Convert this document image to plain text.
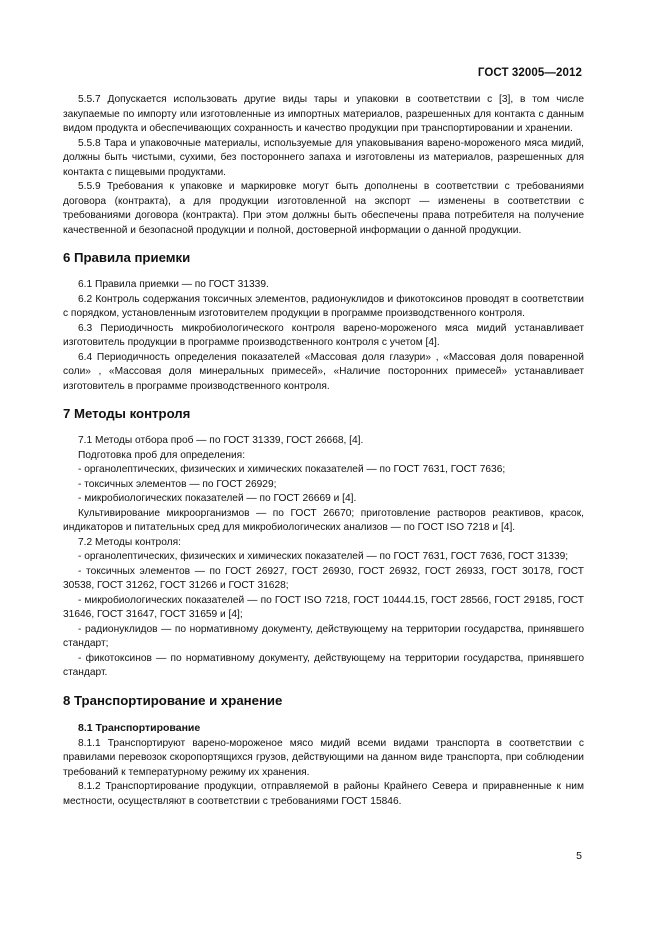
ГОСТ 32005—2012

5.5.7 Допускается использовать другие виды тары и упаковки в соответствии с [3], в том числе закупаемые по импорту или изготовленные из импортных материалов, разрешенных для контакта с данным видом продукта и обеспечивающих сохранность и качество продукции при транспортировании и хранении.

5.5.8 Тара и упаковочные материалы, используемые для упаковывания варено-мороженого мяса мидий, должны быть чистыми, сухими, без постороннего запаха и изготовлены из материалов, разрешенных для контакта с пищевыми продуктами.

5.5.9 Требования к упаковке и маркировке могут быть дополнены в соответствии с требованиями договора (контракта), а для продукции изготовленной на экспорт — изменены в соответствии с требованиями договора (контракта). При этом должны быть обеспечены права потребителя на получение качественной и безопасной продукции и полной, достоверной информации о данной продукции.

6 Правила приемки

6.1 Правила приемки — по ГОСТ 31339.

6.2 Контроль содержания токсичных элементов, радионуклидов и фикотоксинов проводят в соответствии с порядком, установленным изготовителем продукции в программе производственного контроля.

6.3 Периодичность микробиологического контроля варено-мороженого мяса мидий устанавливает изготовитель продукции в программе производственного контроля с учетом [4].

6.4 Периодичность определения показателей «Массовая доля глазури» , «Массовая доля поваренной соли» , «Массовая доля минеральных примесей», «Наличие посторонних примесей» устанавливает изготовитель в программе производственного контроля.

7 Методы контроля

7.1 Методы отбора проб — по ГОСТ 31339, ГОСТ 26668, [4].

Подготовка проб для определения:

- органолептических, физических и химических показателей — по ГОСТ 7631, ГОСТ 7636;

- токсичных элементов — по ГОСТ 26929;

- микробиологических показателей — по ГОСТ 26669 и [4].

Культивирование микроорганизмов — по ГОСТ 26670; приготовление растворов реактивов, красок, индикаторов и питательных сред для микробиологических анализов — по ГОСТ ISO 7218 и [4].

7.2 Методы контроля:

- органолептических, физических и химических показателей — по ГОСТ 7631, ГОСТ 7636, ГОСТ 31339;

- токсичных элементов — по ГОСТ 26927, ГОСТ 26930, ГОСТ 26932, ГОСТ 26933, ГОСТ 30178, ГОСТ 30538, ГОСТ 31262, ГОСТ 31266 и ГОСТ 31628;

- микробиологических показателей — по ГОСТ ISO 7218, ГОСТ 10444.15, ГОСТ 28566, ГОСТ 29185, ГОСТ 31646, ГОСТ 31647, ГОСТ 31659 и [4];

- радионуклидов — по нормативному документу, действующему на территории государства, принявшего стандарт;

- фикотоксинов — по нормативному документу, действующему на территории государства, принявшего стандарт.

8 Транспортирование и хранение
8.1 Транспортирование

8.1.1 Транспортируют варено-мороженое мясо мидий всеми видами транспорта в соответствии с правилами перевозок скоропортящихся грузов, действующими на данном виде транспорта, при соблюдении требований к температурному режиму их хранения.

8.1.2 Транспортирование продукции, отправляемой в районы Крайнего Севера и приравненные к ним местности, осуществляют в соответствии с требованиями ГОСТ 15846.

5
